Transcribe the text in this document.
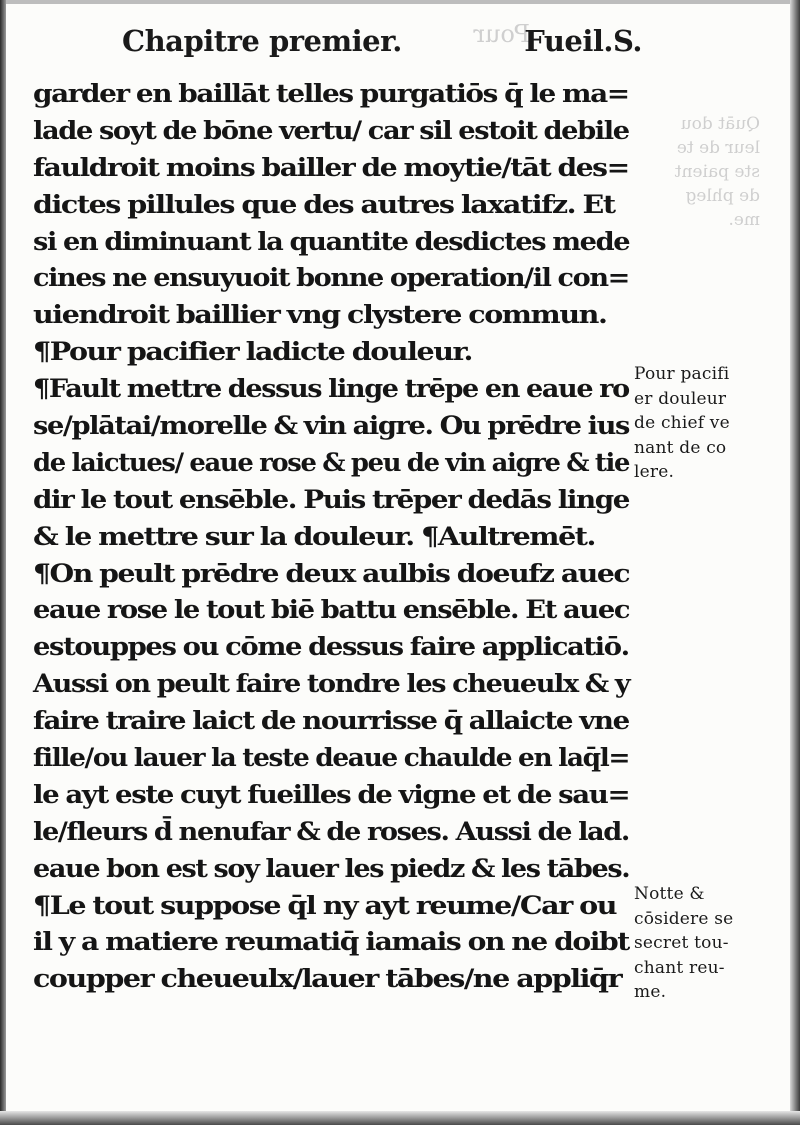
Pour
Quāt dou
leur de te
ste paient
de phleg
me.
Chapitre premier.	Fueil.S.
garder en baillāt telles purgatiōs q̄ le ma=
lade soyt de bōne vertu/ car sil estoit debile
fauldroit moins bailler de moytie/tāt des=
dictes pillules que des autres laxatifz. Et
si en diminuant la quantite desdictes mede
cines ne ensuyuoit bonne operation/il con=
uiendroit baillier vng clystere commun.
¶Pour pacifier ladicte douleur.
¶Fault mettre dessus linge trēpe en eaue ro
se/plātai/morelle & vin aigre. Ou prēdre ius
de laictues/ eaue rose & peu de vin aigre & tie
dir le tout ensēble. Puis trēper dedās linge
& le mettre sur la douleur. ¶Aultremēt.
¶On peult prēdre deux aulbis doeufz auec
eaue rose le tout biē battu ensēble. Et auec
estouppes ou cōme dessus faire applicatiō.
Aussi on peult faire tondre les cheueulx & y
faire traire laict de nourrisse q̄ allaicte vne
fille/ou lauer la teste deaue chaulde en laq̄l=
le ayt este cuyt fueilles de vigne et de sau=
le/fleurs d̄ nenufar & de roses. Aussi de lad.
eaue bon est soy lauer les piedz & les tābes.
¶Le tout suppose q̄l ny ayt reume/Car ou
il y a matiere reumatiq̄ iamais on ne doibt
coupper cheueulx/lauer tābes/ne appliq̄r
Pour pacifi
er douleur
de chief ve
nant de co
lere.
Notte &
cōsidere se
secret tou-
chant reu-
me.
